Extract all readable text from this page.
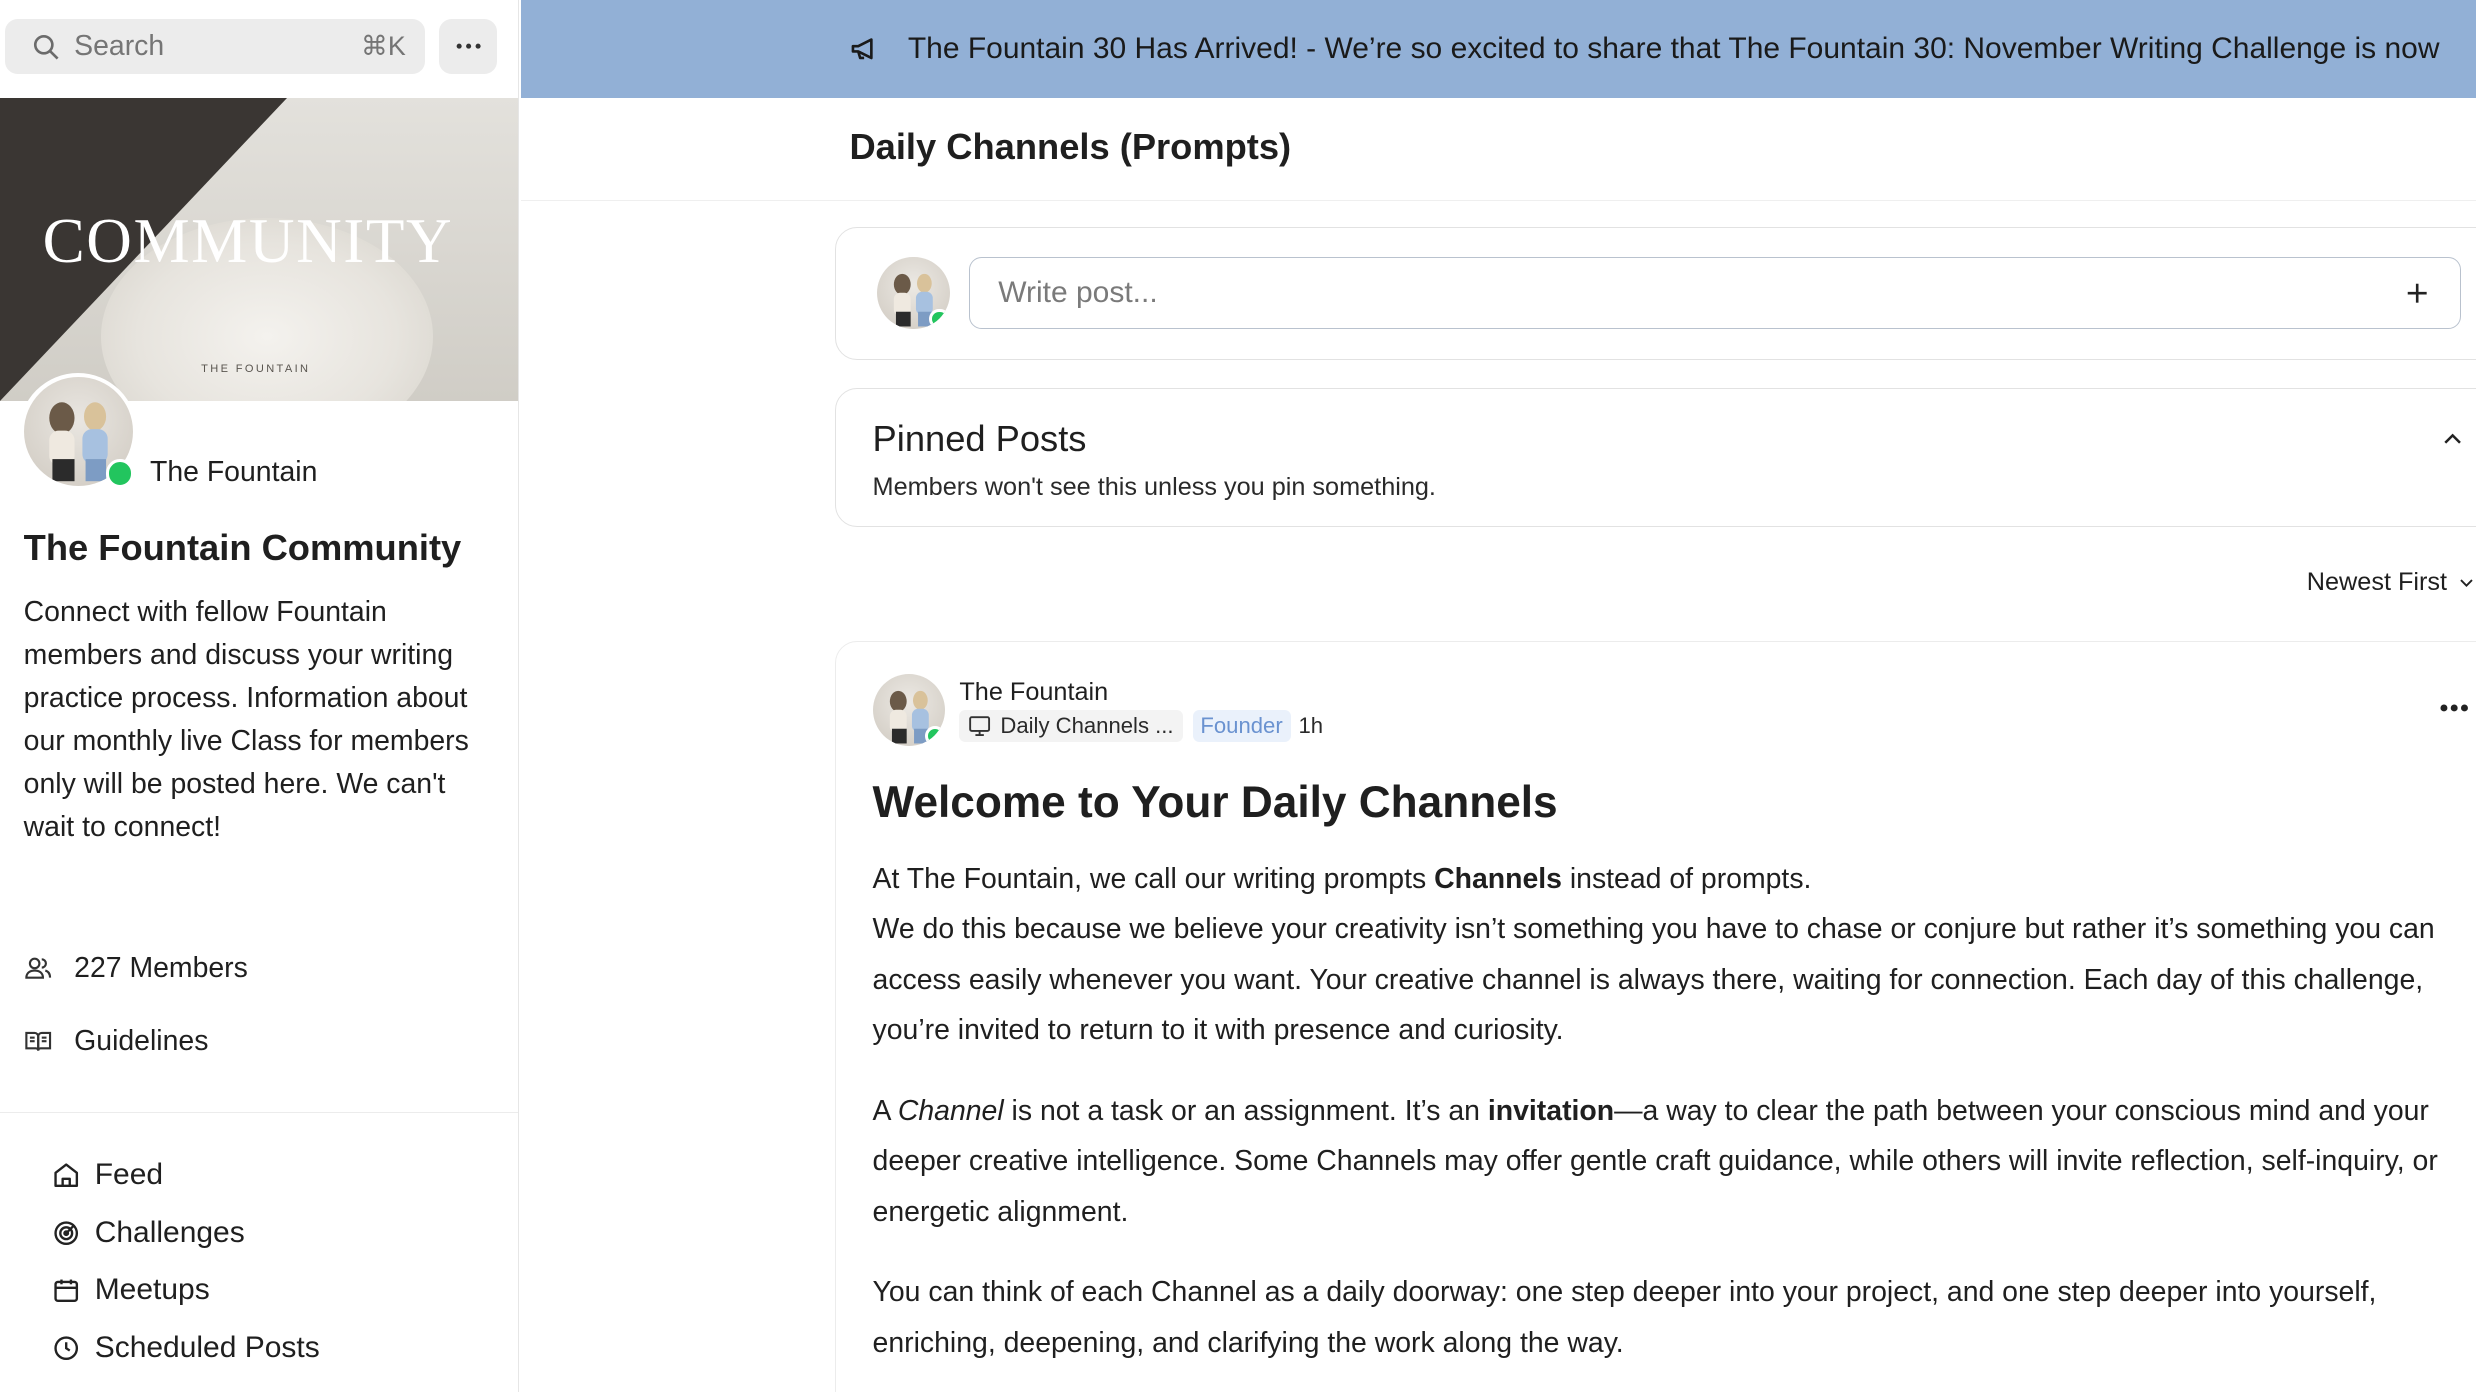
Search	⌘K
COMMUNITY
THE FOUNTAIN
The Fountain
The Fountain Community
Connect with fellow Fountain members and discuss your writing practice process. Information about our monthly live Class for members only will be posted here. We can't wait to connect!
227 Members
Guidelines
Feed
Challenges
Meetups
Scheduled Posts
The Fountain 30 Has Arrived! - We’re so excited to share that The Fountain 30: November Writing Challenge is now
Daily Channels (Prompts)
Write post...
Pinned Posts
Members won't see this unless you pin something.
Newest First
The Fountain
Daily Channels ...	Founder	1h
Welcome to Your Daily Channels

At The Fountain, we call our writing prompts Channels instead of prompts.

We do this because we believe your creativity isn’t something you have to chase or conjure but rather it’s something you can access easily whenever you want. Your creative channel is always there, waiting for connection. Each day of this challenge, you’re invited to return to it with presence and curiosity.

A Channel is not a task or an assignment. It’s an invitation—a way to clear the path between your conscious mind and your deeper creative intelligence. Some Channels may offer gentle craft guidance, while others will invite reflection, self-inquiry, or energetic alignment.

You can think of each Channel as a daily doorway: one step deeper into your project, and one step deeper into yourself, enriching, deepening, and clarifying the work along the way.
